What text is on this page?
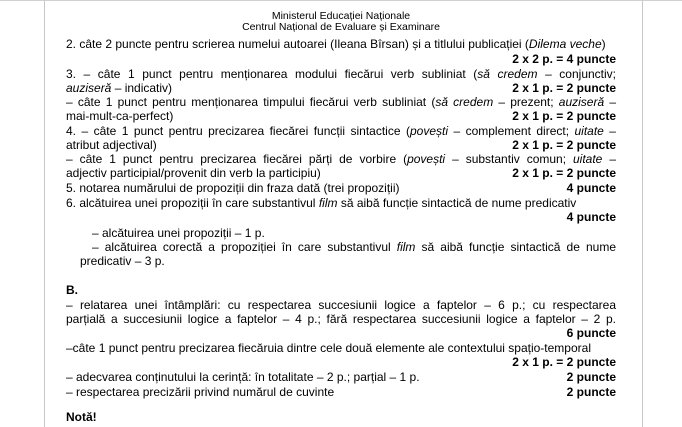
Ministerul Educației Naționale
Centrul Național de Evaluare și Examinare
2. câte 2 puncte pentru scrierea numelui autoarei (Ileana Bîrsan) și a titlului publicației (Dilema veche)
2 x 2 p. = 4 puncte
3. – câte 1 punct pentru menționarea modului fiecărui verb subliniat (să credem – conjunctiv;
auziseră – indicativ)	2 x 1 p. = 2 puncte
– câte 1 punct pentru menționarea timpului fiecărui verb subliniat (să credem – prezent; auziseră –
mai-mult-ca-perfect)	2 x 1 p. = 2 puncte
4. – câte 1 punct pentru precizarea fiecărei funcții sintactice (povești – complement direct; uitate –
atribut adjectival)	2 x 1 p. = 2 puncte
– câte 1 punct pentru precizarea fiecărei părți de vorbire (povești – substantiv comun; uitate –
adjectiv participial/provenit din verb la participiu)	2 x 1 p. = 2 puncte
5. notarea numărului de propoziții din fraza dată (trei propoziții)	4 puncte
6. alcătuirea unei propoziții în care substantivul film să aibă funcție sintactică de nume predicativ
4 puncte
– alcătuirea unei propoziții – 1 p.
– alcătuirea corectă a propoziției în care substantivul film să aibă funcție sintactică de nume
predicativ – 3 p.
B.
– relatarea unei întâmplări: cu respectarea succesiunii logice a faptelor – 6 p.; cu respectarea
parțială a succesiunii logice a faptelor – 4 p.; fără respectarea succesiunii logice a faptelor – 2 p.
6 puncte
–câte 1 punct pentru precizarea fiecăruia dintre cele două elemente ale contextului spațio-temporal
2 x 1 p. = 2 puncte
– adecvarea conținutului la cerință: în totalitate – 2 p.; parțial – 1 p.	2 puncte
– respectarea precizării privind numărul de cuvinte	2 puncte
Notă!
